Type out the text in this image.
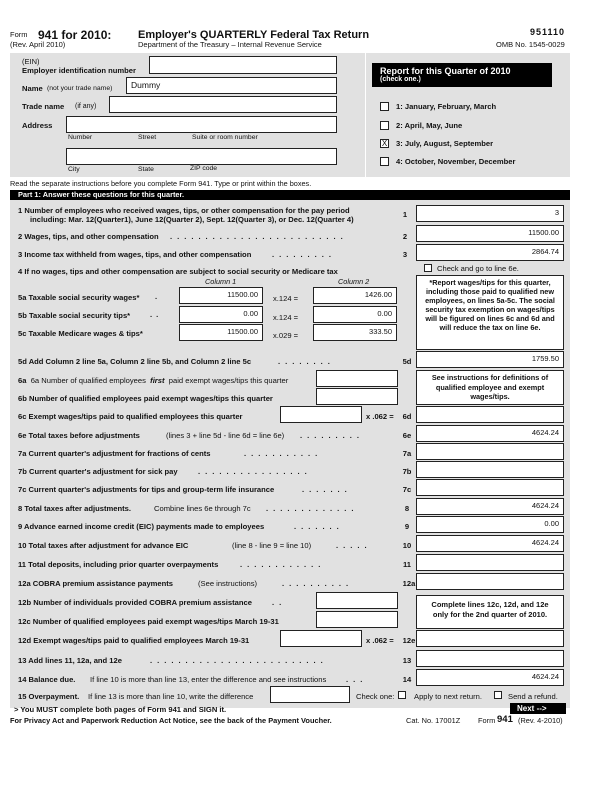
Form 941 for 2010:
(Rev. April 2010)
Employer's QUARTERLY Federal Tax Return
Department of the Treasury – Internal Revenue Service
951110
OMB No. 1545-0029
(EIN)
Employer identification number
Name (not your trade name)	Dummy
Trade name (if any)
Address
Number	Street	Suite or room number
City	State	ZIP code
Report for this Quarter of 2010
(check one.)
1: January, February, March
2: April, May, June
X 3: July, August, September
4: October, November, December
Read the separate instructions before you complete Form 941. Type or print within the boxes.
Part 1: Answer these questions for this quarter.
1 Number of employees who received wages, tips, or other compensation for the pay period
including: Mar. 12(Quarter1), June 12(Quarter 2), Sept. 12(Quarter 3), or Dec. 12(Quarter 4)
1	3
2 Wages, tips, and other compensation .........................	2	11500.00
3 Income tax withheld from wages, tips, and other compensation	.........	3	2864.74
4 If no wages, tips and other compensation are subject to social security or Medicare tax	Check and go to line 6e.
Column 1	Column 2
5a Taxable social security wages* .	11500.00	x.124 =	1426.00
5b Taxable social security tips*	..	0.00	x.124 =	0.00
5c Taxable Medicare wages & tips*	11500.00	x.029 =	333.50
*Report wages/tips for this quarter, including those paid to qualified new employees, on lines 5a-5c. The social security tax exemption on wages/tips will be figured on lines 6c and 6d and will reduce the tax on line 6e.
5d Add Column 2 line 5a, Column 2 line 5b, and Column 2 line 5c	........	5d	1759.50
6a 6a Number of qualified employees first paid exempt wages/tips this quarter
6b Number of qualified employees paid exempt wages/tips this quarter
See instructions for definitions of qualified employee and exempt wages/tips.
6c Exempt wages/tips paid to qualified employees this quarter	x .062 =	6d
6e Total taxes before adjustments	(lines 3 + line 5d - line 6d = line 6e) .........	6e	4624.24
7a Current quarter's adjustment for fractions of cents	...........	7a
7b Current quarter's adjustment for sick pay	................	7b
7c Current quarter's adjustments for tips and group-term life insurance	.......	7c
8 Total taxes after adjustments.	Combine lines 6e through 7c .............	8	4624.24
9 Advance earned income credit (EIC) payments made to employees	.......	9	0.00
10 Total taxes after adjustment for advance EIC	(line 8 - line 9 = line 10)	.....	10	4624.24
11 Total deposits, including prior quarter overpayments	............	11
12a COBRA premium assistance payments	(See instructions)	..........	12a
12b Number of individuals provided COBRA premium assistance	..
12c Number of qualified employees paid exempt wages/tips March 19-31
Complete lines 12c, 12d, and 12e only for the 2nd quarter of 2010.
12d Exempt wages/tips paid to qualified employees March 19-31	x .062 =	12e
13 Add lines 11, 12a, and 12e	.........................	13
14 Balance due. If line 10 is more than line 13, enter the difference and see instructions	...	14	4624.24
15 Overpayment. If line 13 is more than line 10, write the difference	Check one:	Apply to next return.	Send a refund.
> You MUST complete both pages of Form 941 and SIGN it.	Next -->
For Privacy Act and Paperwork Reduction Act Notice, see the back of the Payment Voucher.	Cat. No. 17001Z Form 941 (Rev. 4-2010)
